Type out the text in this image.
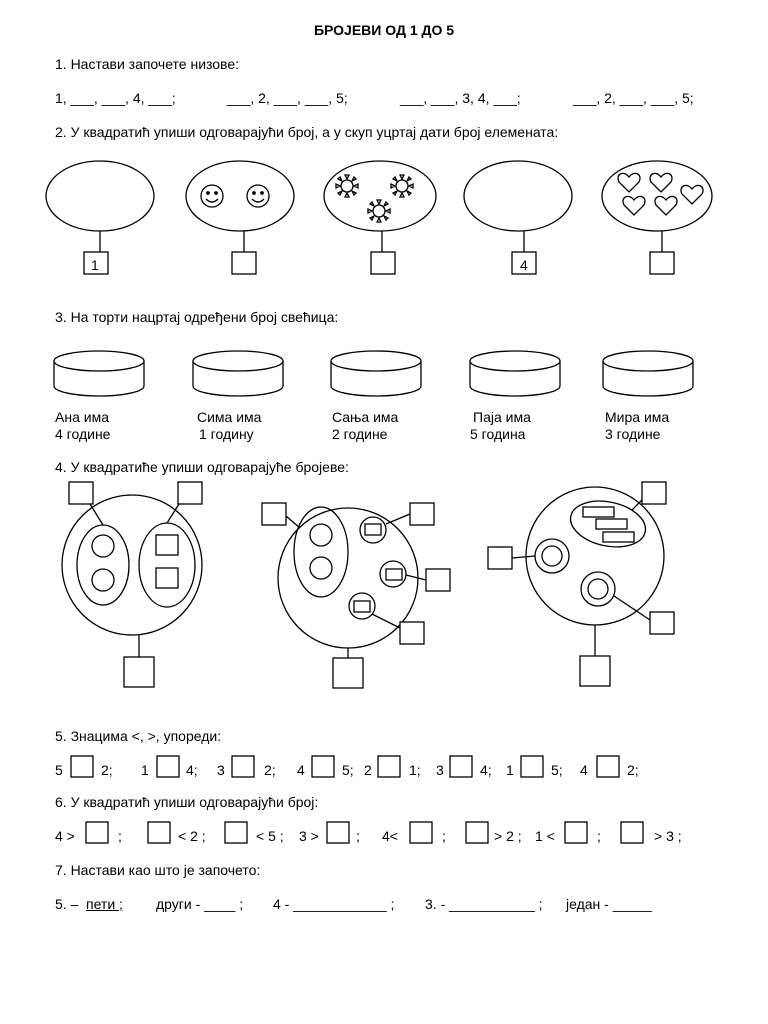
БРОЈЕВИ ОД 1 ДО 5
1. Настави започете низове:
1, ___, ___, 4, ___;	___, 2, ___, ___, 5;	___, ___, 3, 4, ___;	___, 2, ___, ___, 5;
2. У квадратић упиши одговарајући број, а у скуп уцртај дати број елемената:
1	4
3. На торти нацртај одређени број свећица:
Ана има
4 године
Сима има
1 годину
Сања има
2 године
Паја има
5 година
Мира има
3 године
4. У квадратиће упиши одговарајуће бројеве:
5. Знацима <, >, упореди:
5	2; 1	4; 3	2; 4	5; 2	1; 3	4; 1	5; 4	2;
6. У квадратић упиши одговарајући број:
4 >	;	< 2 ;	< 5 ; 3 >	; 4<	;	> 2 ; 1 <	;	> 3 ;
7. Настави као што је започето:
5. – пети ; други - ____ ; 4 - ____________ ; 3. - ___________ ; један - _____
